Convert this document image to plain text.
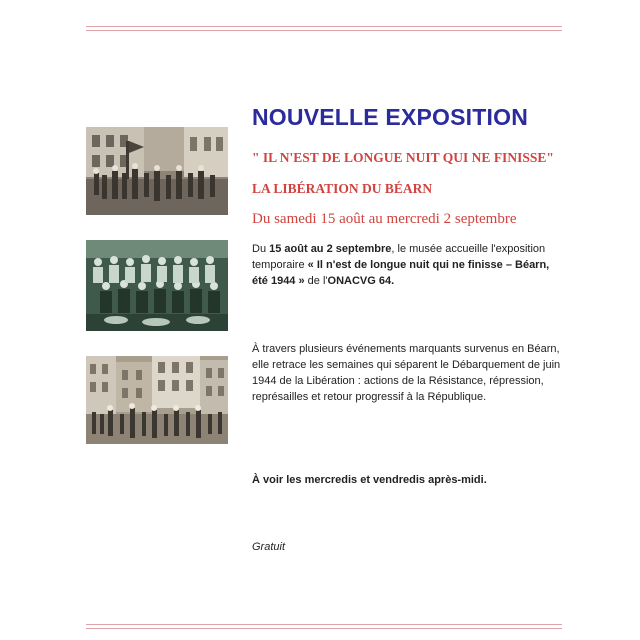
NOUVELLE EXPOSITION
" IL N'EST DE LONGUE NUIT QUI NE FINISSE"
LA LIBÉRATION DU BÉARN
Du samedi 15 août au mercredi 2 septembre
Du 15 août au 2 septembre, le musée accueille l'exposition temporaire « Il n'est de longue nuit qui ne finisse – Béarn, été 1944 » de l'ONACVG 64.
À travers plusieurs événements marquants survenus en Béarn, elle retrace les semaines qui séparent le Débarquement de juin 1944 de la Libération : actions de la Résistance, répression, représailles et retour progressif à la République.
À voir les mercredis et vendredis après-midi.
Gratuit
